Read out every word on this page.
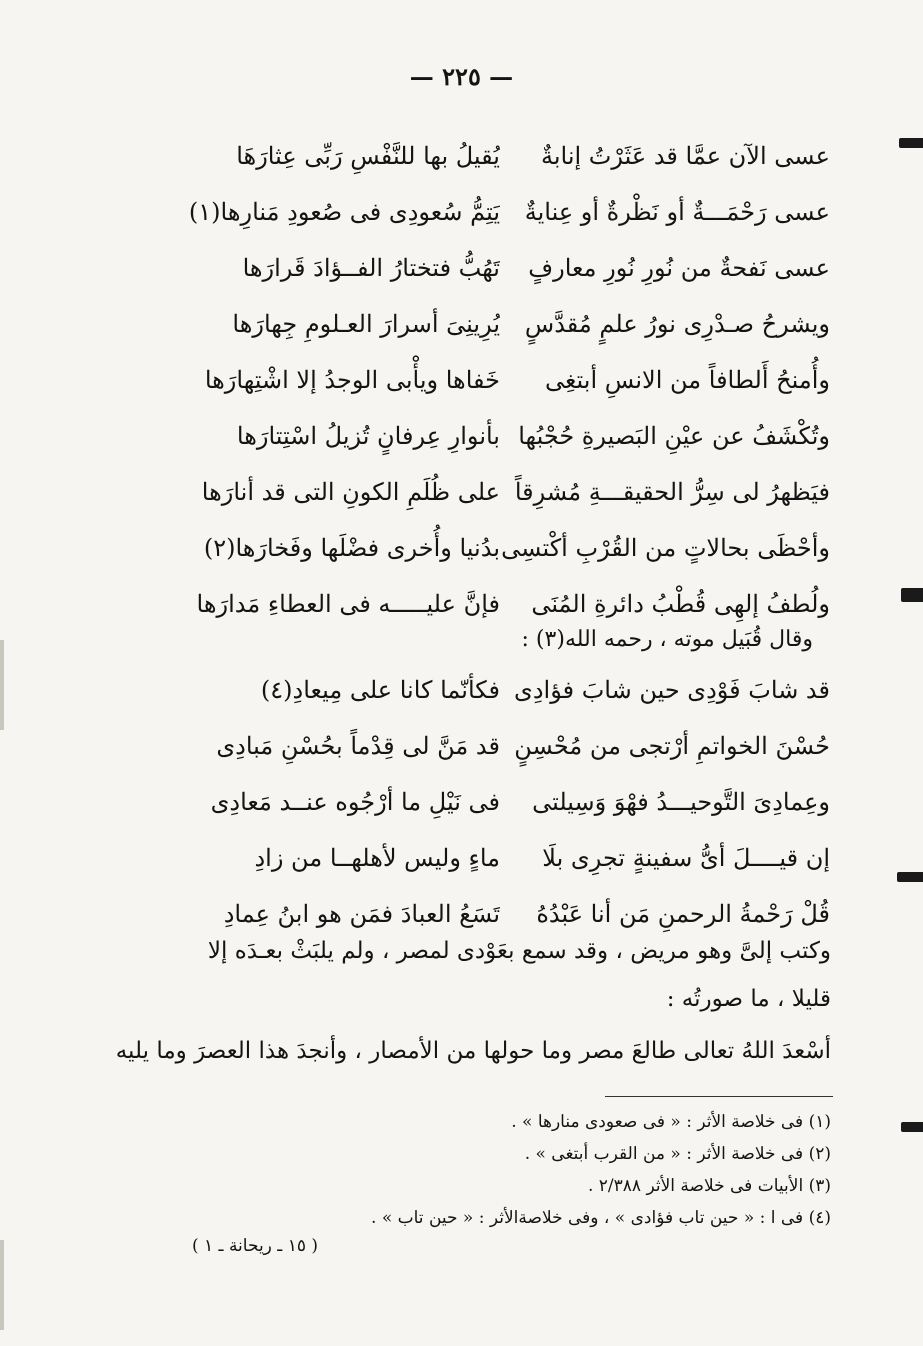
— ٢٢٥ —
عسى الآن عمَّا قد عَثَرْتُ إنابةٌ
يُقيلُ بها للنَّفْسِ رَبِّى عِثارَهَا
عسى رَحْمَـــةٌ أو نَظْرةٌ أو عِنايةٌ
يَتِمُّ سُعودِى فى صُعودِ مَنارِها(١)
عسى نَفحةٌ من نُورِ نُورِ معارفٍ
تَهُبُّ فتختارُ الفــؤادَ قَرارَها
ويشرحُ صـدْرِى نورُ علمٍ مُقدَّسٍ
يُرِينِىَ أسرارَ العـلومِ جِهارَها
وأُمنحُ أَلطافاً من الانسِ أبتغِى
خَفاها ويأْبى الوجدُ إلا اشْتِهارَها
وتُكْشَفُ عن عيْنِ البَصيرةِ حُجْبُها
بأنوارِ عِرفانٍ تُزيلُ اسْتِتارَها
فيَظهرُ لى سِرُّ الحقيقـــةِ مُشرِقاً
على ظُلَمِ الكونِ التى قد أنارَها
وأحْظَى بحالاتٍ من القُرْبِ أكْتسِى
بدُنيا وأُخرى فضْلَها وفَخارَها(٢)
ولُطفُ إلهِى قُطْبُ دائرةِ المُنَى
فإنَّ عليـــــه فى العطاءِ مَدارَها
وقال قُبَيل موته ، رحمه الله(٣) :
قد شابَ فَوْدِى حين شابَ فؤادِى
فكأنّما كانا على مِيعادِ(٤)
حُسْنَ الخواتمِ أرْتجى من مُحْسِنٍ
قد مَنَّ لى قِدْماً بحُسْنِ مَبادِى
وعِمادِىَ التَّوحيـــدُ فهْوَ وَسِيلتى
فى نَيْلِ ما أرْجُوه عنــد مَعادِى
إن قيــــلَ أىُّ سفينةٍ تجرِى بلَا
ماءٍ وليس لأهلهــا من زادِ
قُلْ رَحْمةُ الرحمنِ مَن أنا عَبْدُهُ
تَسَعُ العبادَ فمَن هو ابنُ عِمادِ
وكتب إلىَّ وهو مريض ، وقد سمع بعَوْدى لمصر ، ولم يلبَثْ بعـدَه إلا
قليلا ، ما صورتُه :
أسْعدَ اللهُ تعالى طالعَ مصر وما حولها من الأمصار ، وأنجدَ هذا العصرَ وما يليه
(١) فى خلاصة الأثر : « فى صعودى منارها » .
(٢) فى خلاصة الأثر : « من القرب أبتغى » .
(٣) الأبيات فى خلاصة الأثر ٢/٣٨٨ .
(٤) فى ا : « حين تاب فؤادى » ، وفى خلاصةالأثر : « حين تاب » .
( ١٥ ـ ريحانة ـ ١ )
